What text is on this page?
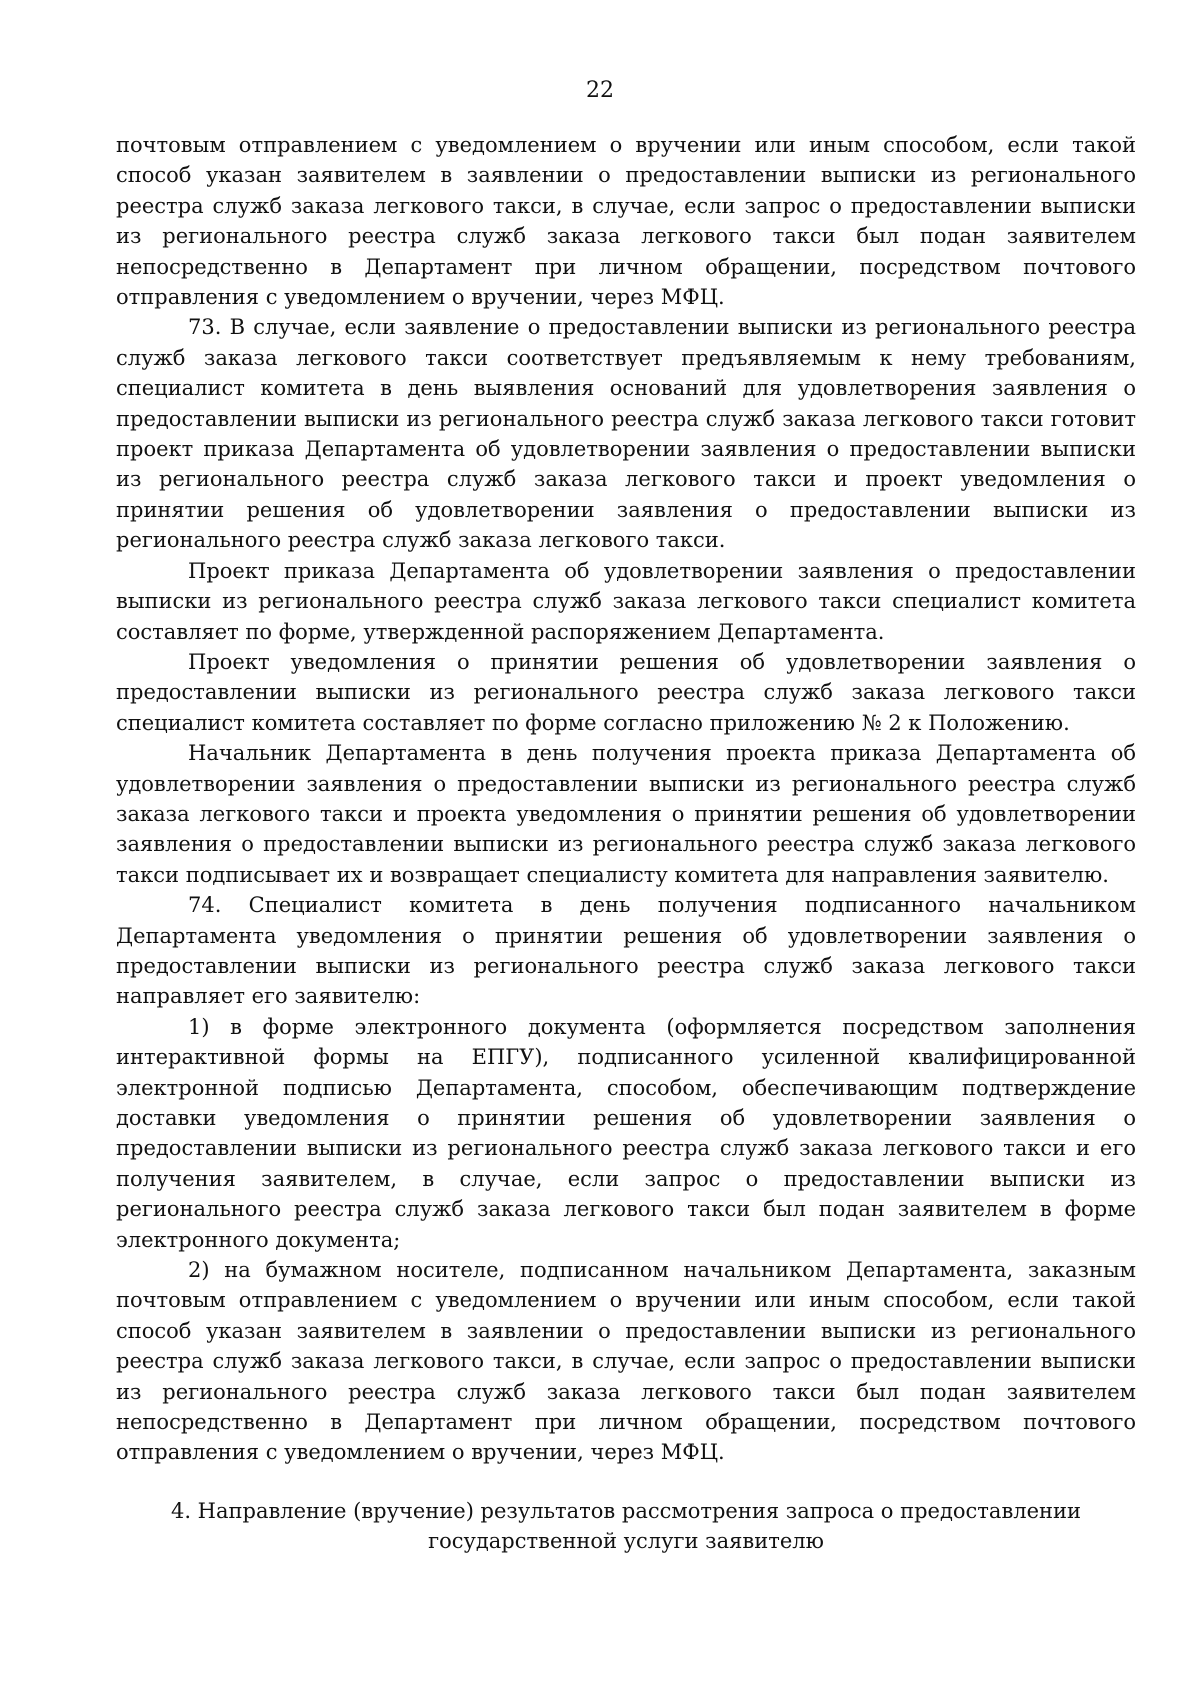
22

почтовым отправлением с уведомлением о вручении или иным способом, если такой способ указан заявителем в заявлении о предоставлении выписки из регионального реестра служб заказа легкового такси, в случае, если запрос о предоставлении выписки из регионального реестра служб заказа легкового такси был подан заявителем непосредственно в Департамент при личном обращении, посредством почтового отправления с уведомлением о вручении, через МФЦ.

73. В случае, если заявление о предоставлении выписки из регионального реестра служб заказа легкового такси соответствует предъявляемым к нему требованиям, специалист комитета в день выявления оснований для удовлетворения заявления о предоставлении выписки из регионального реестра служб заказа легкового такси готовит проект приказа Департамента об удовлетворении заявления о предоставлении выписки из регионального реестра служб заказа легкового такси и проект уведомления о принятии решения об удовлетворении заявления о предоставлении выписки из регионального реестра служб заказа легкового такси.

Проект приказа Департамента об удовлетворении заявления о предоставлении выписки из регионального реестра служб заказа легкового такси специалист комитета составляет по форме, утвержденной распоряжением Департамента.

Проект уведомления о принятии решения об удовлетворении заявления о предоставлении выписки из регионального реестра служб заказа легкового такси специалист комитета составляет по форме согласно приложению № 2 к Положению.

Начальник Департамента в день получения проекта приказа Департамента об удовлетворении заявления о предоставлении выписки из регионального реестра служб заказа легкового такси и проекта уведомления о принятии решения об удовлетворении заявления о предоставлении выписки из регионального реестра служб заказа легкового такси подписывает их и возвращает специалисту комитета для направления заявителю.

74. Специалист комитета в день получения подписанного начальником Департамента уведомления о принятии решения об удовлетворении заявления о предоставлении выписки из регионального реестра служб заказа легкового такси направляет его заявителю:

1) в форме электронного документа (оформляется посредством заполнения интерактивной формы на ЕПГУ), подписанного усиленной квалифицированной электронной подписью Департамента, способом, обеспечивающим подтверждение доставки уведомления о принятии решения об удовлетворении заявления о предоставлении выписки из регионального реестра служб заказа легкового такси и его получения заявителем, в случае, если запрос о предоставлении выписки из регионального реестра служб заказа легкового такси был подан заявителем в форме электронного документа;

2) на бумажном носителе, подписанном начальником Департамента, заказным почтовым отправлением с уведомлением о вручении или иным способом, если такой способ указан заявителем в заявлении о предоставлении выписки из регионального реестра служб заказа легкового такси, в случае, если запрос о предоставлении выписки из регионального реестра служб заказа легкового такси был подан заявителем непосредственно в Департамент при личном обращении, посредством почтового отправления с уведомлением о вручении, через МФЦ.

4. Направление (вручение) результатов рассмотрения запроса о предоставлении
государственной услуги заявителю
